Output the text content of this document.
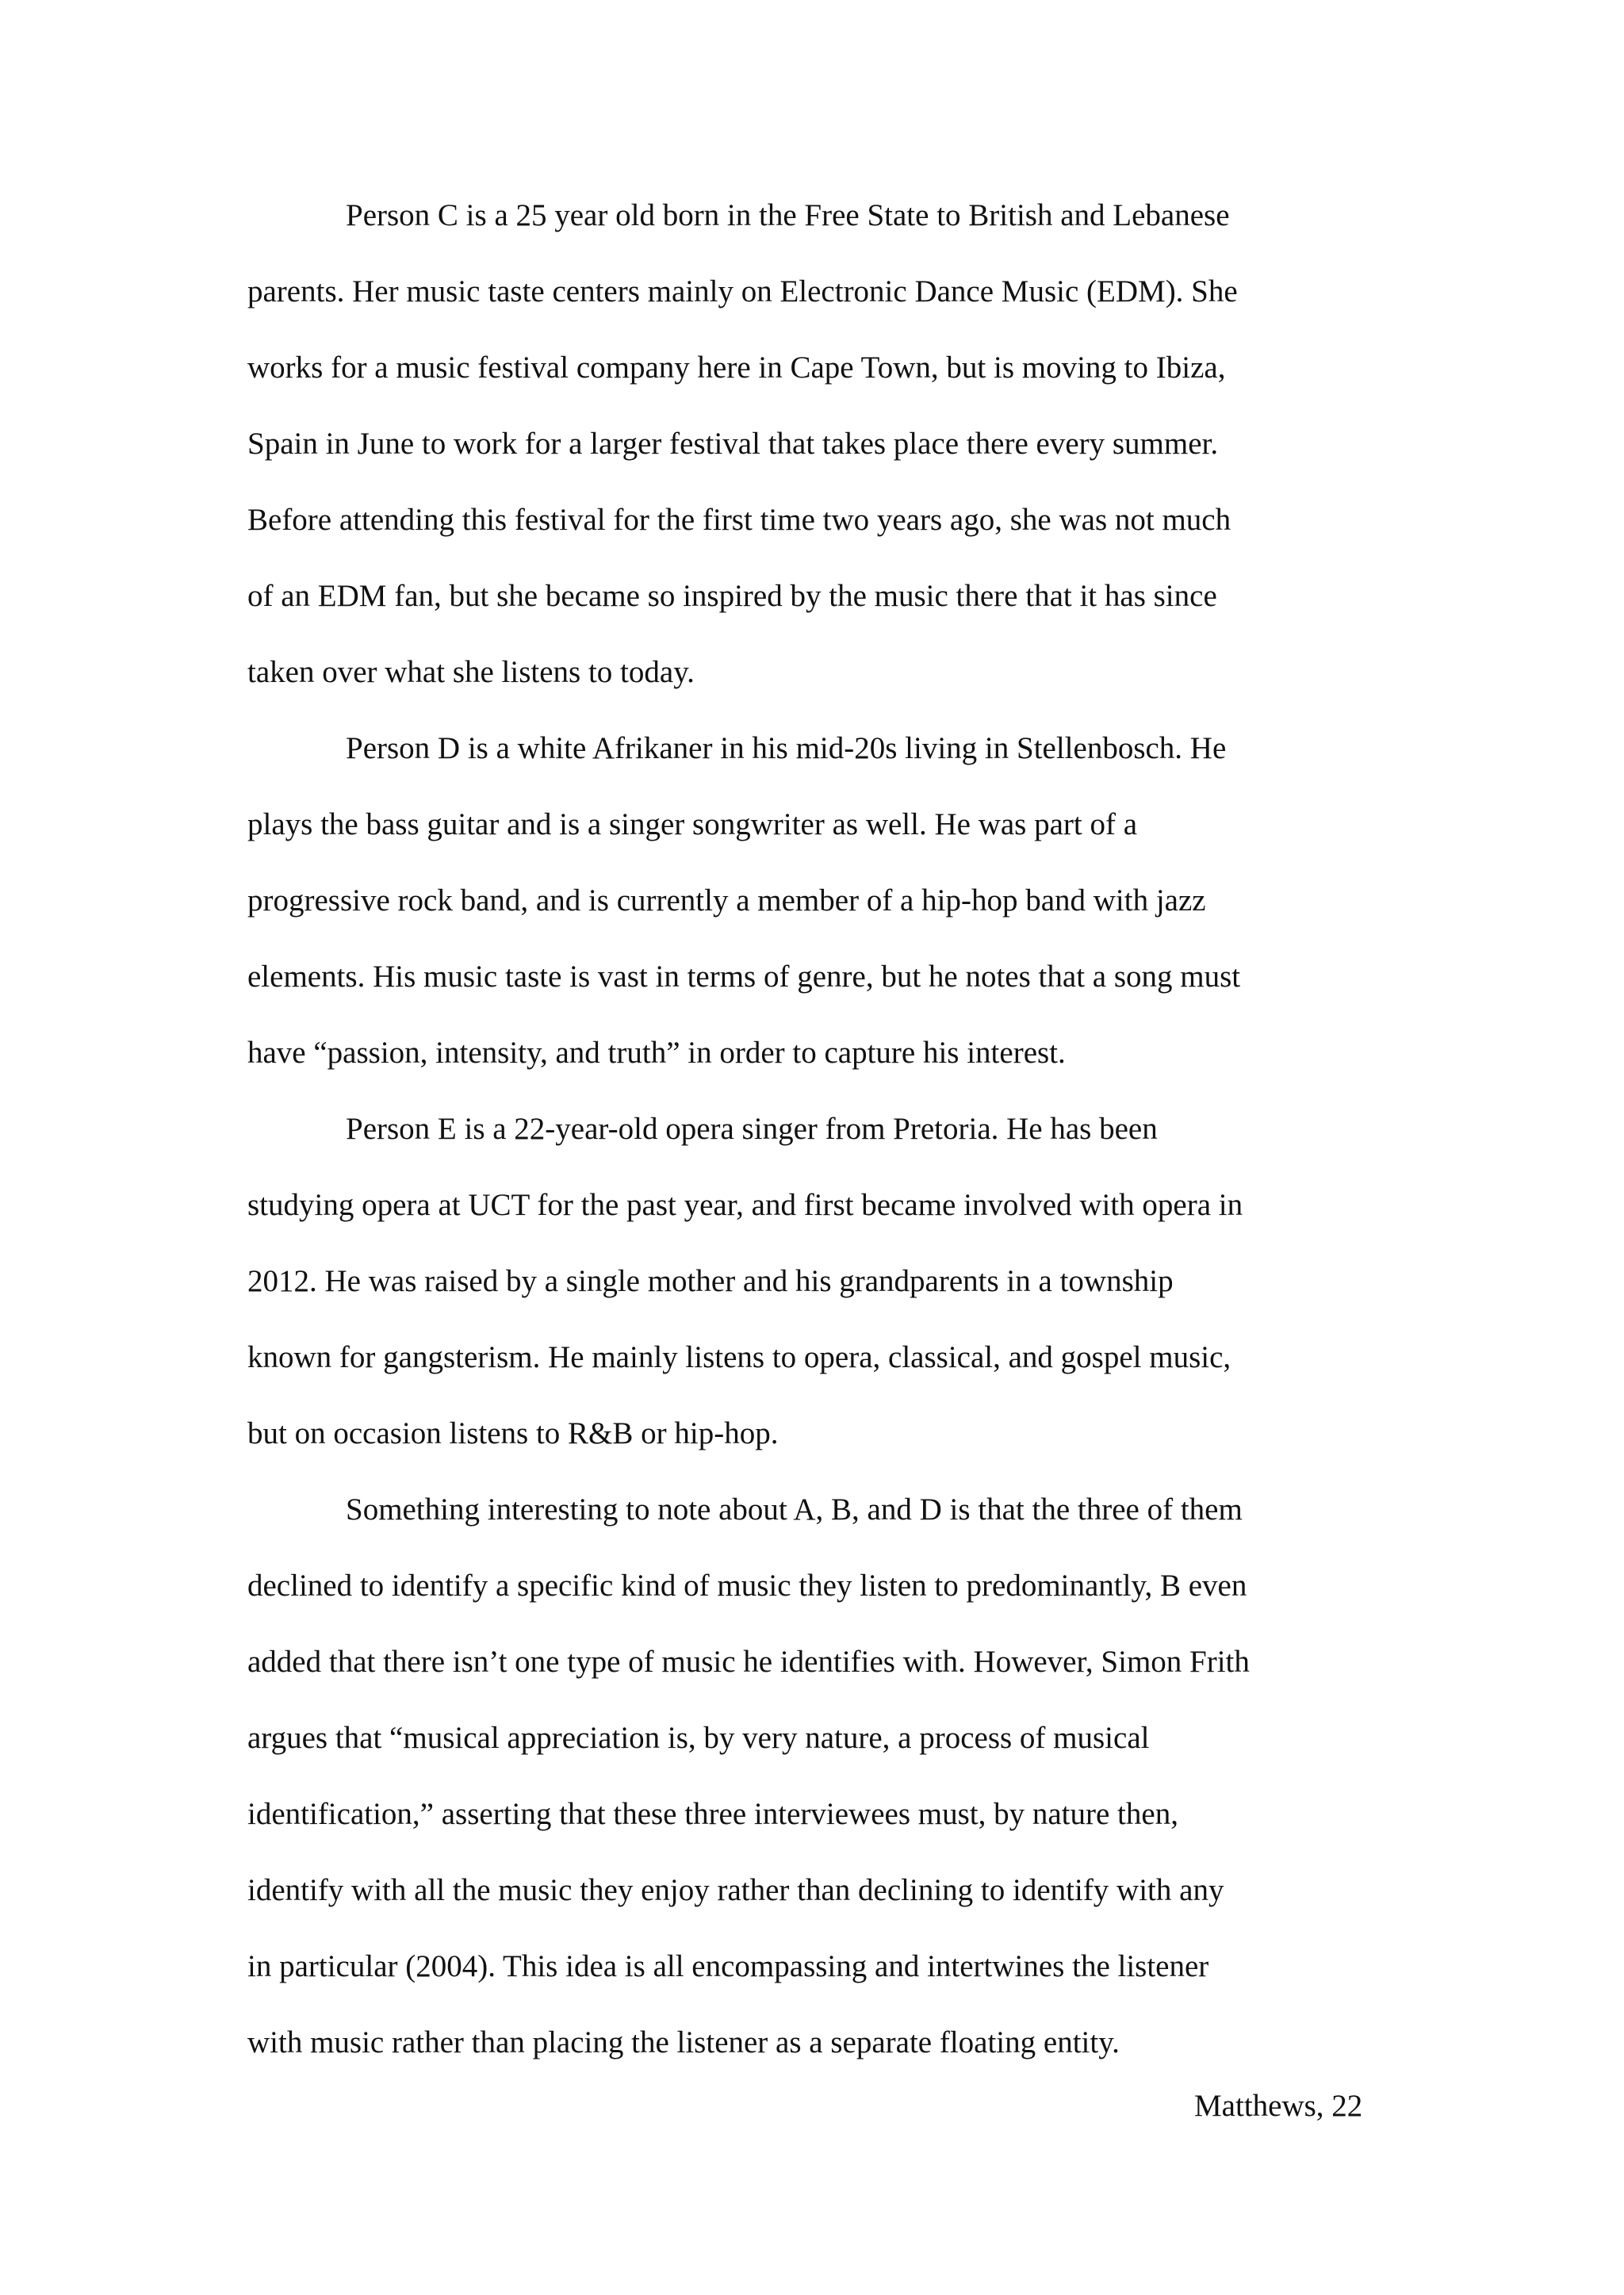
Person C is a 25 year old born in the Free State to British and Lebanese
parents. Her music taste centers mainly on Electronic Dance Music (EDM). She
works for a music festival company here in Cape Town, but is moving to Ibiza,
Spain in June to work for a larger festival that takes place there every summer.
Before attending this festival for the first time two years ago, she was not much
of an EDM fan, but she became so inspired by the music there that it has since
taken over what she listens to today.
Person D is a white Afrikaner in his mid-20s living in Stellenbosch. He
plays the bass guitar and is a singer songwriter as well. He was part of a
progressive rock band, and is currently a member of a hip-hop band with jazz
elements. His music taste is vast in terms of genre, but he notes that a song must
have “passion, intensity, and truth” in order to capture his interest.
Person E is a 22-year-old opera singer from Pretoria. He has been
studying opera at UCT for the past year, and first became involved with opera in
2012. He was raised by a single mother and his grandparents in a township
known for gangsterism. He mainly listens to opera, classical, and gospel music,
but on occasion listens to R&B or hip-hop.
Something interesting to note about A, B, and D is that the three of them
declined to identify a specific kind of music they listen to predominantly, B even
added that there isn’t one type of music he identifies with. However, Simon Frith
argues that “musical appreciation is, by very nature, a process of musical
identification,” asserting that these three interviewees must, by nature then,
identify with all the music they enjoy rather than declining to identify with any
in particular (2004). This idea is all encompassing and intertwines the listener
with music rather than placing the listener as a separate floating entity.
Matthews, 22
